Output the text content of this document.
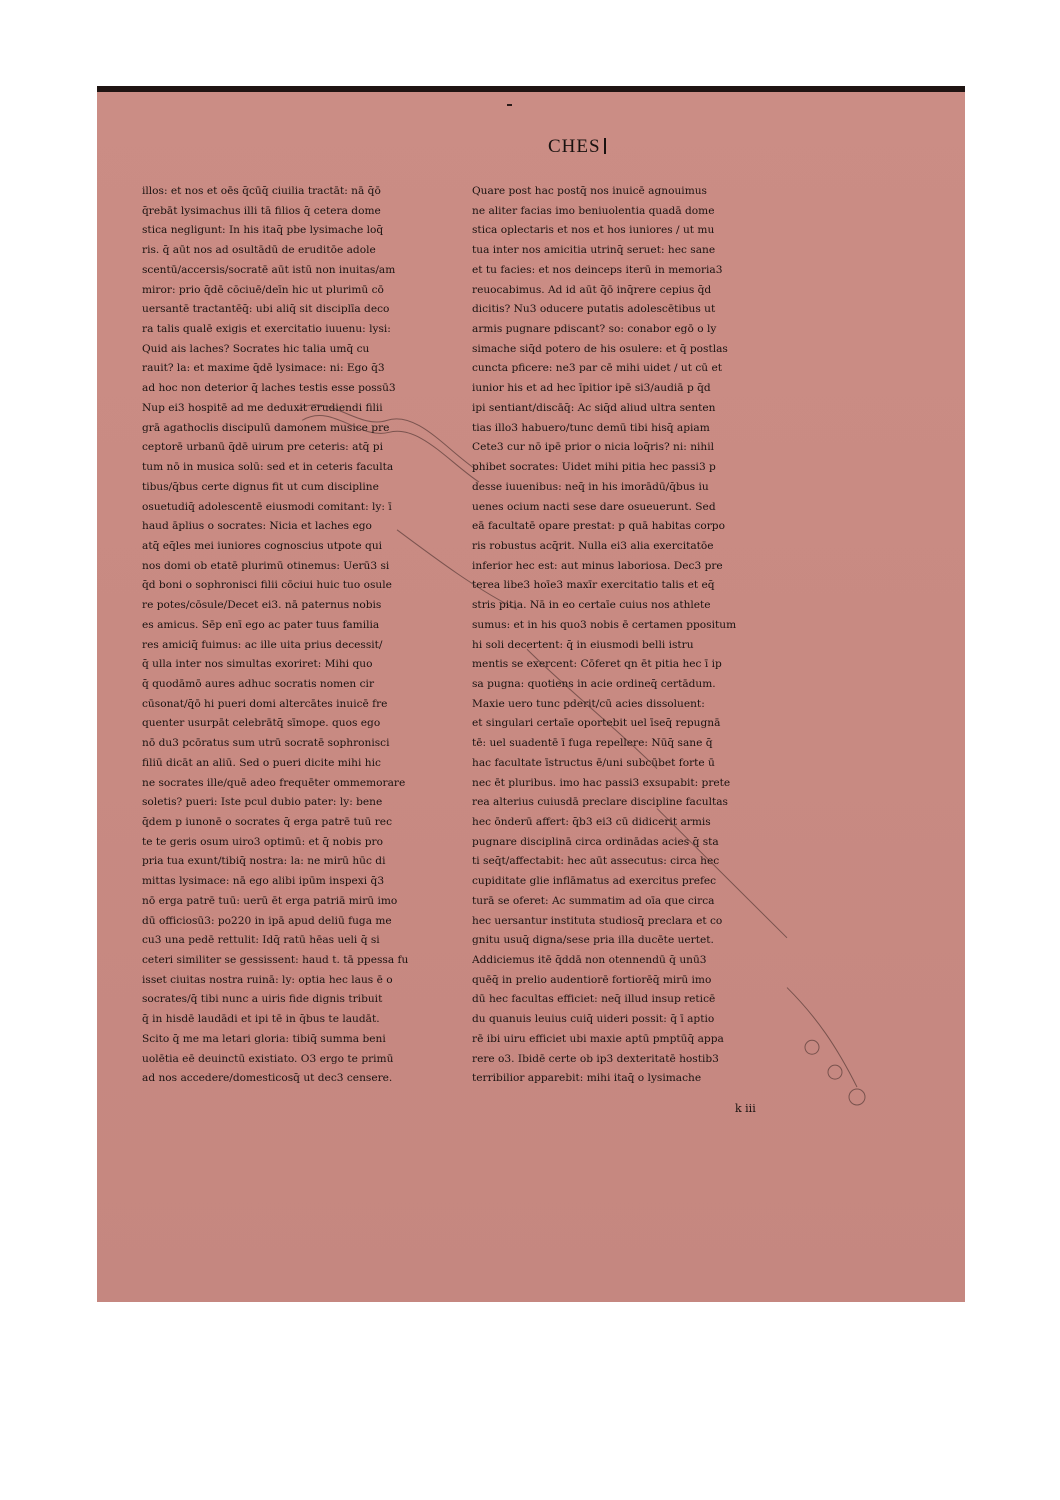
CHES
illos: et nos et oēs q̄cūq̄ ciuilia tractāt: nā q̄ō
q̄rebāt lysimachus illi tā filios q̄ cetera dome
stica negligunt: In his itaq̄ pbe lysimache loq̄
ris. q̄ aūt nos ad osultādū de eruditōe adole
scentū/accersis/socratē aūt istū non inuitas/am
miror: prio q̄dē cōciuē/deīn hic ut plurimū cō
uersantē tractantēq̄: ubi aliq̄ sit disciplīa deco
ra talis qualē exigis et exercitatio iuuenu: lysi:
Quid ais laches? Socrates hic talia umq̄ cu
rauit? la: et maxime q̄dē lysimace: ni: Ego q̄3
ad hoc non deterior q̄ laches testis esse possū3
Nup ei3 hospitē ad me deduxit erudiendi filii
grā agathoclis discipulū damonem musice pre
ceptorē urbanū q̄dē uirum pre ceteris: atq̄ pi
tum nō in musica solū: sed et in ceteris faculta
tibus/q̄bus certe dignus fit ut cum discipline
osuetudiq̄ adolescentē eiusmodi comitant: ly: ī
haud āplius o socrates: Nicia et laches ego
atq̄ eq̄les mei iuniores cognoscius utpote qui
nos domi ob etatē plurimū otinemus: Uerū3 si
q̄d boni o sophronisci filii cōciui huic tuo osule
re potes/cōsule/Decet ei3. nā paternus nobis
es amicus. Sēp enī ego ac pater tuus familia
res amiciq̄ fuimus: ac ille uita prius decessit/
q̄ ulla inter nos simultas exoriret: Mihi quo
q̄ quodāmō aures adhuc socratis nomen cir
cūsonat/q̄ō hi pueri domi altercātes inuicē fre
quenter usurpāt celebrātq̄ sīmope. quos ego
nō du3 pcōratus sum utrū socratē sophronisci
filiū dicāt an aliū. Sed o pueri dicite mihi hic
ne socrates ille/quē adeo frequēter ommemorare
soletis? pueri: Iste pcul dubio pater: ly: bene
q̄dem p iunonē o socrates q̄ erga patrē tuū rec
te te geris osum uiro3 optimū: et q̄ nobis pro
pria tua exunt/tibiq̄ nostra: la: ne mirū hūc di
mittas lysimace: nā ego alibi ipūm inspexi q̄3
nō erga patrē tuū: uerū ēt erga patriā mirū imo
dū officiosū3: po220 in ipā apud deliū fuga me
cu3 una pedē rettulit: Idq̄ ratū hēas ueli q̄ si
ceteri similiter se gessissent: haud t. tā ppessa fu
isset ciuitas nostra ruinā: ly: optia hec laus ē o
socrates/q̄ tibi nunc a uiris fide dignis tribuit
q̄ in hisdē laudādi et ipi tē in q̄bus te laudāt.
Scito q̄ me ma letari gloria: tibiq̄ summa beni
uolētia eē deuinctū existiato. O3 ergo te primū
ad nos accedere/domesticosq̄ ut dec3 censere.
Quare post hac postq̄ nos inuicē agnouimus
ne aliter facias imo beniuolentia quadā dome
stica oplectaris et nos et hos iuniores / ut mu
tua inter nos amicitia utrinq̄ seruet: hec sane
et tu facies: et nos deinceps iterū in memoria3
reuocabimus. Ad id aūt q̄ō inq̄rere cepius q̄d
dicitis? Nu3 oducere putatis adolescētibus ut
armis pugnare pdiscant? so: conabor egō o ly
simache siq̄d potero de his osulere: et q̄ postlas
cuncta pficere: ne3 par cē mihi uidet / ut cū et
iunior his et ad hec īpitior ipē si3/audiā p q̄d
ipi sentiant/discāq̄: Ac siq̄d aliud ultra senten
tias illo3 habuero/tunc demū tibi hisq̄ apiam
Cete3 cur nō ipē prior o nicia loq̄ris? ni: nihil
phibet socrates: Uidet mihi pitia hec passi3 p
desse iuuenibus: neq̄ in his imorādū/q̄bus iu
uenes ocium nacti sese dare osueuerunt. Sed
eā facultatē opare prestat: p quā habitas corpo
ris robustus acq̄rit. Nulla ei3 alia exercitatōe
inferior hec est: aut minus laboriosa. Dec3 pre
terea libe3 hoīe3 maxīr exercitatio talis et eq̄
stris pitia. Nā in eo certaīe cuius nos athlete
sumus: et in his quo3 nobis ē certamen ppositum
hi soli decertent: q̄ in eiusmodi belli istru
mentis se exercent: Cōferet qn ēt pitia hec ī ip
sa pugna: quotiens in acie ordineq̄ certādum.
Maxie uero tunc pderit/cū acies dissoluent:
et singulari certaīe oportebit uel īseq̄ repugnā
tē: uel suadentē ī fuga repellere: Nūq̄ sane q̄
hac facultate īstructus ē/uni subcūbet forte ū
nec ēt pluribus. imo hac passi3 exsupabit: prete
rea alterius cuiusdā preclare discipline facultas
hec ōnderū affert: q̄b3 ei3 cū didicerit armis
pugnare disciplinā circa ordinādas acies q̄ sta
ti seq̄t/affectabit: hec aūt assecutus: circa hec
cupiditate glie inflāmatus ad exercitus prefec
turā se oferet: Ac summatim ad oīa que circa
hec uersantur instituta studiosq̄ preclara et co
gnitu usuq̄ digna/sese pria illa ducēte uertet.
Addiciemus itē q̄ddā non otennendū q̄ unū3
quēq̄ in prelio audentiorē fortiorēq̄ mirū imo
dū hec facultas efficiet: neq̄ illud insup reticē
du quanuis leuius cuiq̄ uideri possit: q̄ ī aptio
rē ibi uiru efficiet ubi maxie aptū pmptūq̄ appa
rere o3. Ibidē certe ob ip3 dexteritatē hostib3
terribilior apparebit: mihi itaq̄ o lysimache
k iii
